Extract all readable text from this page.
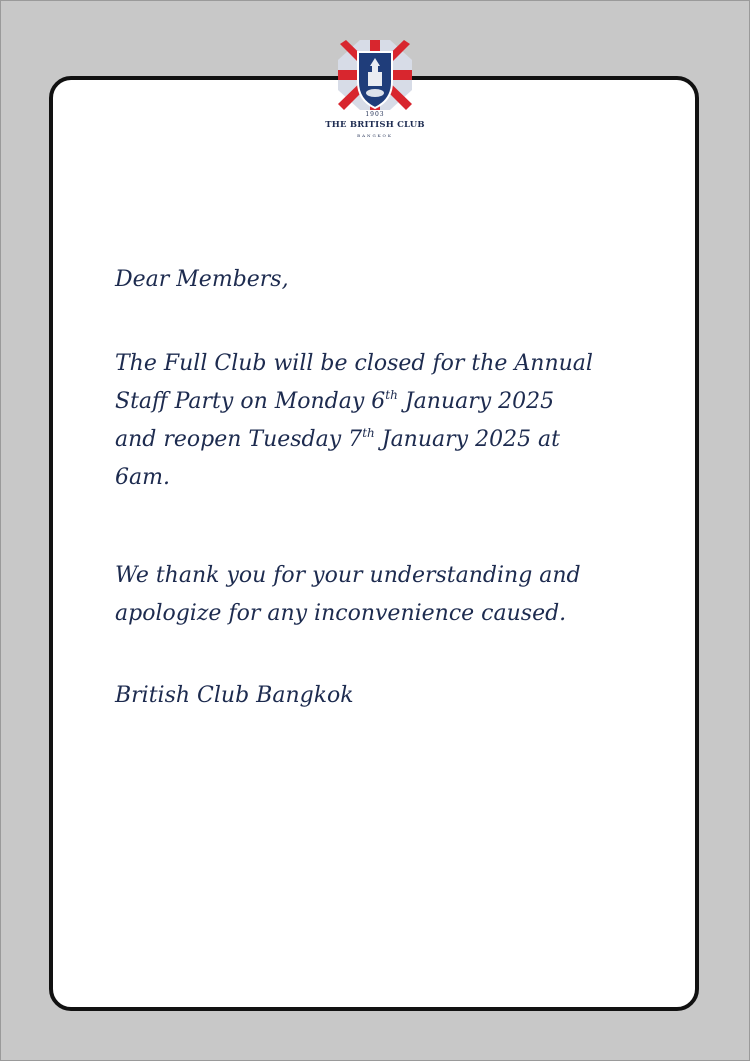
1903
THE BRITISH CLUB
BANGKOK

Dear Members,

The Full Club will be closed for the Annual
Staff Party on Monday 6th January 2025
and reopen Tuesday 7th January 2025 at
6am.

We thank you for your understanding and
apologize for any inconvenience caused.

British Club Bangkok
